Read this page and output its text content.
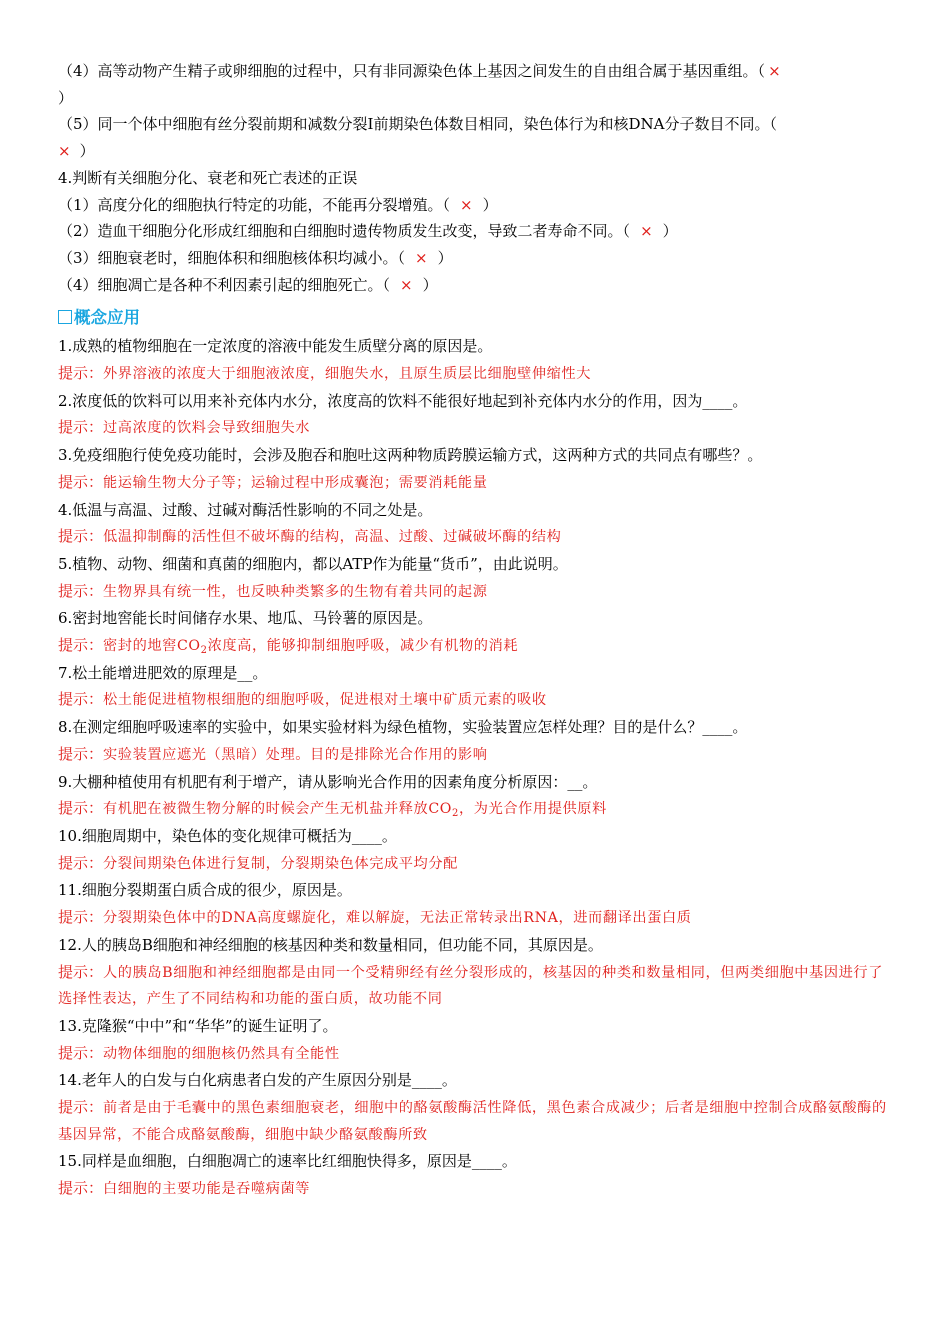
（4）高等动物产生精子或卵细胞的过程中，只有非同源染色体上基因之间发生的自由组合属于基因重组。（ ×
）
（5）同一个体中细胞有丝分裂前期和减数分裂Ⅰ前期染色体数目相同，染色体行为和核DNA分子数目不同。（
× ）
4.判断有关细胞分化、衰老和死亡表述的正误
（1）高度分化的细胞执行特定的功能，不能再分裂增殖。（ × ）
（2）造血干细胞分化形成红细胞和白细胞时遗传物质发生改变，导致二者寿命不同。（ × ）
（3）细胞衰老时，细胞体积和细胞核体积均减小。（ × ）
（4）细胞凋亡是各种不利因素引起的细胞死亡。（ × ）
概念应用
1.成熟的植物细胞在一定浓度的溶液中能发生质壁分离的原因是。
提示：外界溶液的浓度大于细胞液浓度，细胞失水，且原生质层比细胞壁伸缩性大
2.浓度低的饮料可以用来补充体内水分，浓度高的饮料不能很好地起到补充体内水分的作用，因为____。
提示：过高浓度的饮料会导致细胞失水
3.免疫细胞行使免疫功能时，会涉及胞吞和胞吐这两种物质跨膜运输方式，这两种方式的共同点有哪些？。
提示：能运输生物大分子等；运输过程中形成囊泡；需要消耗能量
4.低温与高温、过酸、过碱对酶活性影响的不同之处是。
提示：低温抑制酶的活性但不破坏酶的结构，高温、过酸、过碱破坏酶的结构
5.植物、动物、细菌和真菌的细胞内，都以ATP作为能量“货币”，由此说明。
提示：生物界具有统一性，也反映种类繁多的生物有着共同的起源
6.密封地窖能长时间储存水果、地瓜、马铃薯的原因是。
提示：密封的地窖$CO_2$浓度高，能够抑制细胞呼吸，减少有机物的消耗
7.松土能增进肥效的原理是__。
提示：松土能促进植物根细胞的细胞呼吸，促进根对土壤中矿质元素的吸收
8.在测定细胞呼吸速率的实验中，如果实验材料为绿色植物，实验装置应怎样处理？目的是什么？____。
提示：实验装置应遮光（黑暗）处理。目的是排除光合作用的影响
9.大棚种植使用有机肥有利于增产，请从影响光合作用的因素角度分析原因：__。
提示：有机肥在被微生物分解的时候会产生无机盐并释放$CO_2$，为光合作用提供原料
10.细胞周期中，染色体的变化规律可概括为____。
提示：分裂间期染色体进行复制，分裂期染色体完成平均分配
11.细胞分裂期蛋白质合成的很少，原因是。
提示：分裂期染色体中的DNA高度螺旋化，难以解旋，无法正常转录出RNA，进而翻译出蛋白质
12.人的胰岛B细胞和神经细胞的核基因种类和数量相同，但功能不同，其原因是。
提示：人的胰岛B细胞和神经细胞都是由同一个受精卵经有丝分裂形成的，核基因的种类和数量相同，但两类细胞中基因进行了选择性表达，产生了不同结构和功能的蛋白质，故功能不同
13.克隆猴“中中”和“华华”的诞生证明了。
提示：动物体细胞的细胞核仍然具有全能性
14.老年人的白发与白化病患者白发的产生原因分别是____。
提示：前者是由于毛囊中的黑色素细胞衰老，细胞中的酪氨酸酶活性降低，黑色素合成减少；后者是细胞中控制合成酪氨酸酶的基因异常，不能合成酪氨酸酶，细胞中缺少酪氨酸酶所致
15.同样是血细胞，白细胞凋亡的速率比红细胞快得多，原因是____。
提示：白细胞的主要功能是吞噬病菌等
